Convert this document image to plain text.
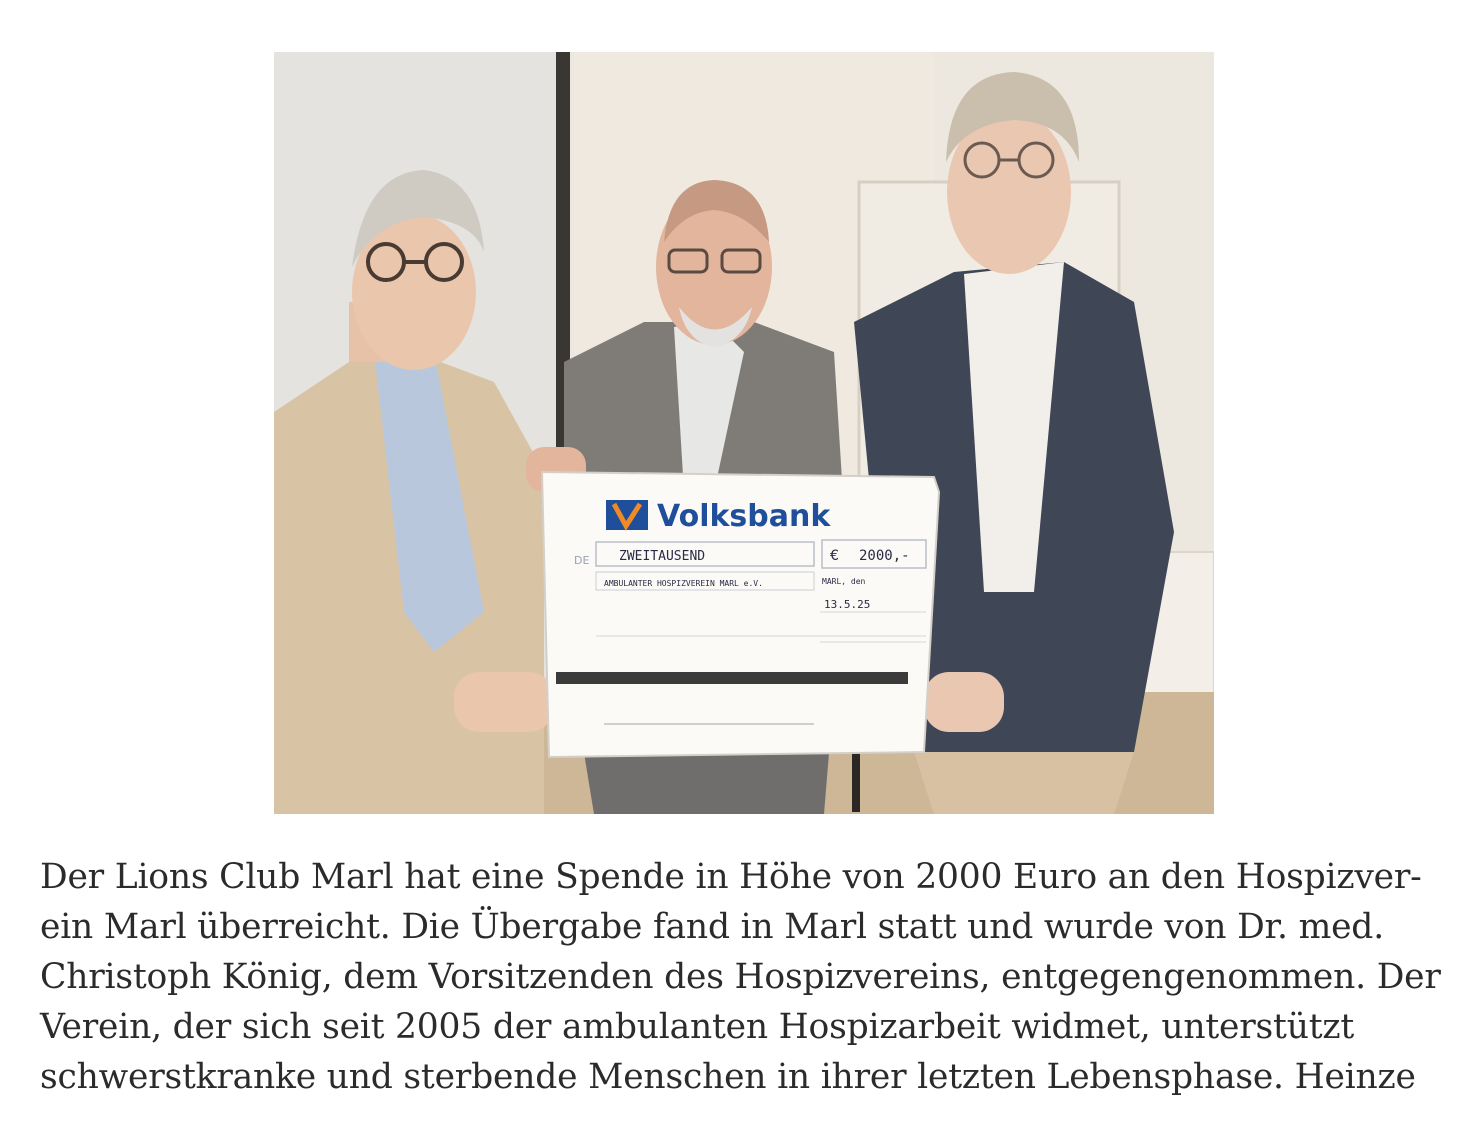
Volksbank
DE ZWEITAUSEND	€ 2000,-
AMBULANTER HOSPIZVEREIN MARL e.V.	MARL, den
13.5.25
Der Lions Club Marl hat eine Spende in Höhe von 2000 Euro an den Hospizver-
ein Marl überreicht. Die Übergabe fand in Marl statt und wurde von Dr. med.
Christoph König, dem Vorsitzenden des Hospizvereins, entgegengenommen. Der
Verein, der sich seit 2005 der ambulanten Hospizarbeit widmet, unterstützt
schwerstkranke und sterbende Menschen in ihrer letzten Lebensphase. Heinze
